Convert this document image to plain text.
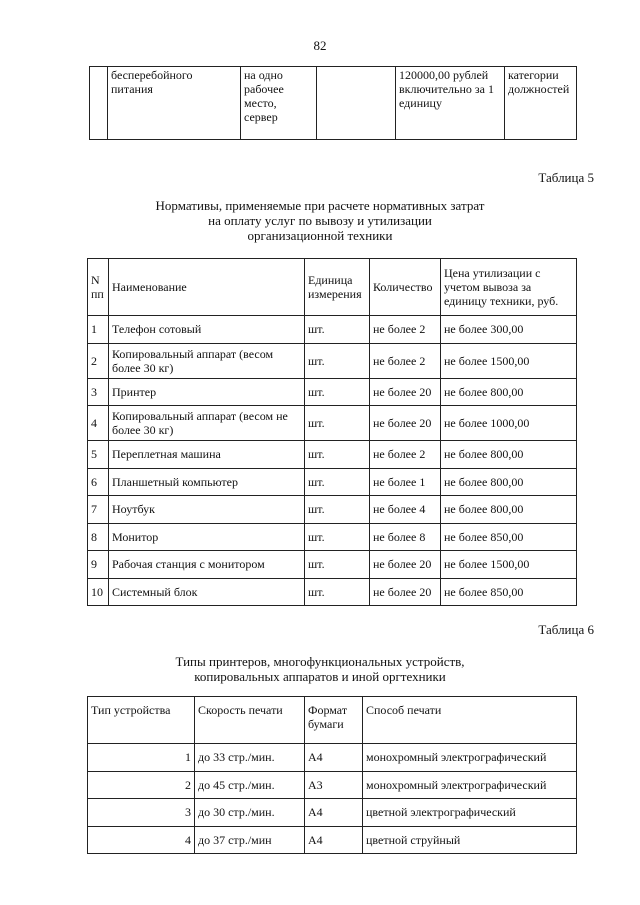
82
	бесперебойного питания	на одно рабочее место, сервер		120000,00 рублей включительно за 1 единицу	категории должностей
Таблица 5
Нормативы, применяемые при расчете нормативных затрат
на оплату услуг по вывозу и утилизации
организационной техники
N пп	Наименование	Единица измерения	Количество	Цена утилизации с учетом вывоза за единицу техники, руб.
1	Телефон сотовый	шт.	не более 2	не более 300,00
2	Копировальный аппарат (весом более 30 кг)	шт.	не более 2	не более 1500,00
3	Принтер	шт.	не более 20	не более 800,00
4	Копировальный аппарат (весом не более 30 кг)	шт.	не более 20	не более 1000,00
5	Переплетная машина	шт.	не более 2	не более 800,00
6	Планшетный компьютер	шт.	не более 1	не более 800,00
7	Ноутбук	шт.	не более 4	не более 800,00
8	Монитор	шт.	не более 8	не более 850,00
9	Рабочая станция с монитором	шт.	не более 20	не более 1500,00
10	Системный блок	шт.	не более 20	не более 850,00
Таблица 6
Типы принтеров, многофункциональных устройств,
копировальных аппаратов и иной оргтехники
Тип устройства	Скорость печати	Формат бумаги	Способ печати
1	до 33 стр./мин.	А4	монохромный электрографический
2	до 45 стр./мин.	А3	монохромный электрографический
3	до 30 стр./мин.	А4	цветной электрографический
4	до 37 стр./мин	А4	цветной струйный
